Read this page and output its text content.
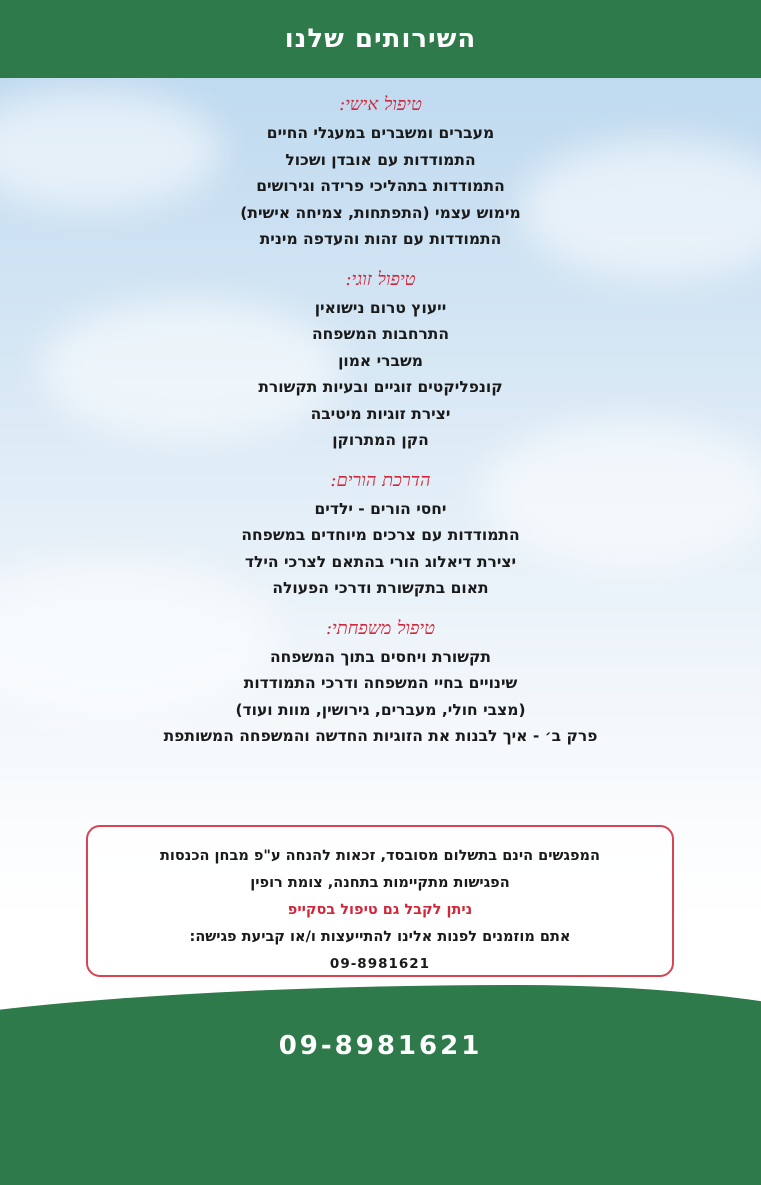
השירותים שלנו
טיפול אישי:
מעברים ומשברים במעגלי החיים
התמודדות עם אובדן ושכול
התמודדות בתהליכי פרידה וגירושים
מימוש עצמי (התפתחות, צמיחה אישית)
התמודדות עם זהות והעדפה מינית
טיפול זוגי:
ייעוץ טרום נישואין
התרחבות המשפחה
משברי אמון
קונפליקטים זוגיים ובעיות תקשורת
יצירת זוגיות מיטיבה
הקן המתרוקן
הדרכת הורים:
יחסי הורים - ילדים
התמודדות עם צרכים מיוחדים במשפחה
יצירת דיאלוג הורי בהתאם לצרכי הילד
תאום בתקשורת ודרכי הפעולה
טיפול משפחתי:
תקשורת ויחסים בתוך המשפחה
שינויים בחיי המשפחה ודרכי התמודדות
(מצבי חולי, מעברים, גירושין, מוות ועוד)
פרק ב׳ - איך לבנות את הזוגיות החדשה והמשפחה המשותפת
המפגשים הינם בתשלום מסובסד, זכאות להנחה ע"פ מבחן הכנסות
הפגישות מתקיימות בתחנה, צומת רופין
ניתן לקבל גם טיפול בסקייפ
אתם מוזמנים לפנות אלינו להתייעצות ו/או קביעת פגישה:
09-8981621
09-8981621
